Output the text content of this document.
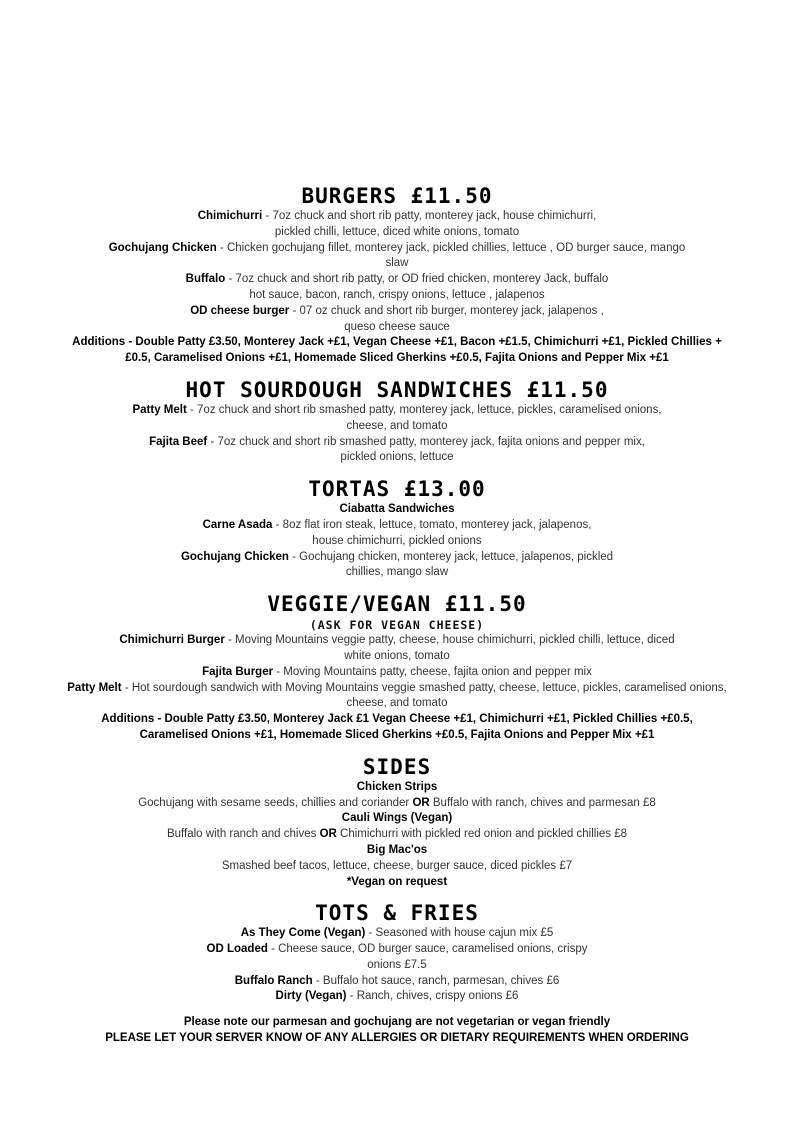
BURGERS £11.50

Chimichurri - 7oz chuck and short rib patty, monterey jack, house chimichurri,

pickled chilli, lettuce, diced white onions, tomato

Gochujang Chicken - Chicken gochujang fillet, monterey jack, pickled chillies, lettuce , OD burger sauce, mango

slaw

Buffalo - 7oz chuck and short rib patty, or OD fried chicken, monterey Jack, buffalo

hot sauce, bacon, ranch, crispy onions, lettuce , jalapenos

OD cheese burger - 07 oz chuck and short rib burger, monterey jack, jalapenos ,

queso cheese sauce

Additions - Double Patty £3.50, Monterey Jack +£1, Vegan Cheese +£1, Bacon +£1.5, Chimichurri +£1, Pickled Chillies +

£0.5, Caramelised Onions +£1, Homemade Sliced Gherkins +£0.5, Fajita Onions and Pepper Mix +£1

HOT SOURDOUGH SANDWICHES £11.50

Patty Melt - 7oz chuck and short rib smashed patty, monterey jack, lettuce, pickles, caramelised onions,

cheese, and tomato

Fajita Beef - 7oz chuck and short rib smashed patty, monterey jack, fajita onions and pepper mix,

pickled onions, lettuce

TORTAS £13.00

Ciabatta Sandwiches

Carne Asada - 8oz flat iron steak, lettuce, tomato, monterey jack, jalapenos,

house chimichurri, pickled onions

Gochujang Chicken - Gochujang chicken, monterey jack, lettuce, jalapenos, pickled

chillies, mango slaw

VEGGIE/VEGAN £11.50

(ASK FOR VEGAN CHEESE)

Chimichurri Burger - Moving Mountains veggie patty, cheese, house chimichurri, pickled chilli, lettuce, diced

white onions, tomato

Fajita Burger - Moving Mountains patty, cheese, fajita onion and pepper mix

Patty Melt - Hot sourdough sandwich with Moving Mountains veggie smashed patty, cheese, lettuce, pickles, caramelised onions,

cheese, and tomato

Additions - Double Patty £3.50, Monterey Jack £1 Vegan Cheese +£1, Chimichurri +£1, Pickled Chillies +£0.5,

Caramelised Onions +£1, Homemade Sliced Gherkins +£0.5, Fajita Onions and Pepper Mix +£1

SIDES

Chicken Strips

Gochujang with sesame seeds, chillies and coriander OR Buffalo with ranch, chives and parmesan £8

Cauli Wings (Vegan)

Buffalo with ranch and chives OR Chimichurri with pickled red onion and pickled chillies £8

Big Mac'os

Smashed beef tacos, lettuce, cheese, burger sauce, diced pickles £7

*Vegan on request

TOTS & FRIES

As They Come (Vegan) - Seasoned with house cajun mix £5

OD Loaded - Cheese sauce, OD burger sauce, caramelised onions, crispy

onions £7.5

Buffalo Ranch - Buffalo hot sauce, ranch, parmesan, chives £6

Dirty (Vegan) - Ranch, chives, crispy onions £6

Please note our parmesan and gochujang are not vegetarian or vegan friendly

PLEASE LET YOUR SERVER KNOW OF ANY ALLERGIES OR DIETARY REQUIREMENTS WHEN ORDERING
